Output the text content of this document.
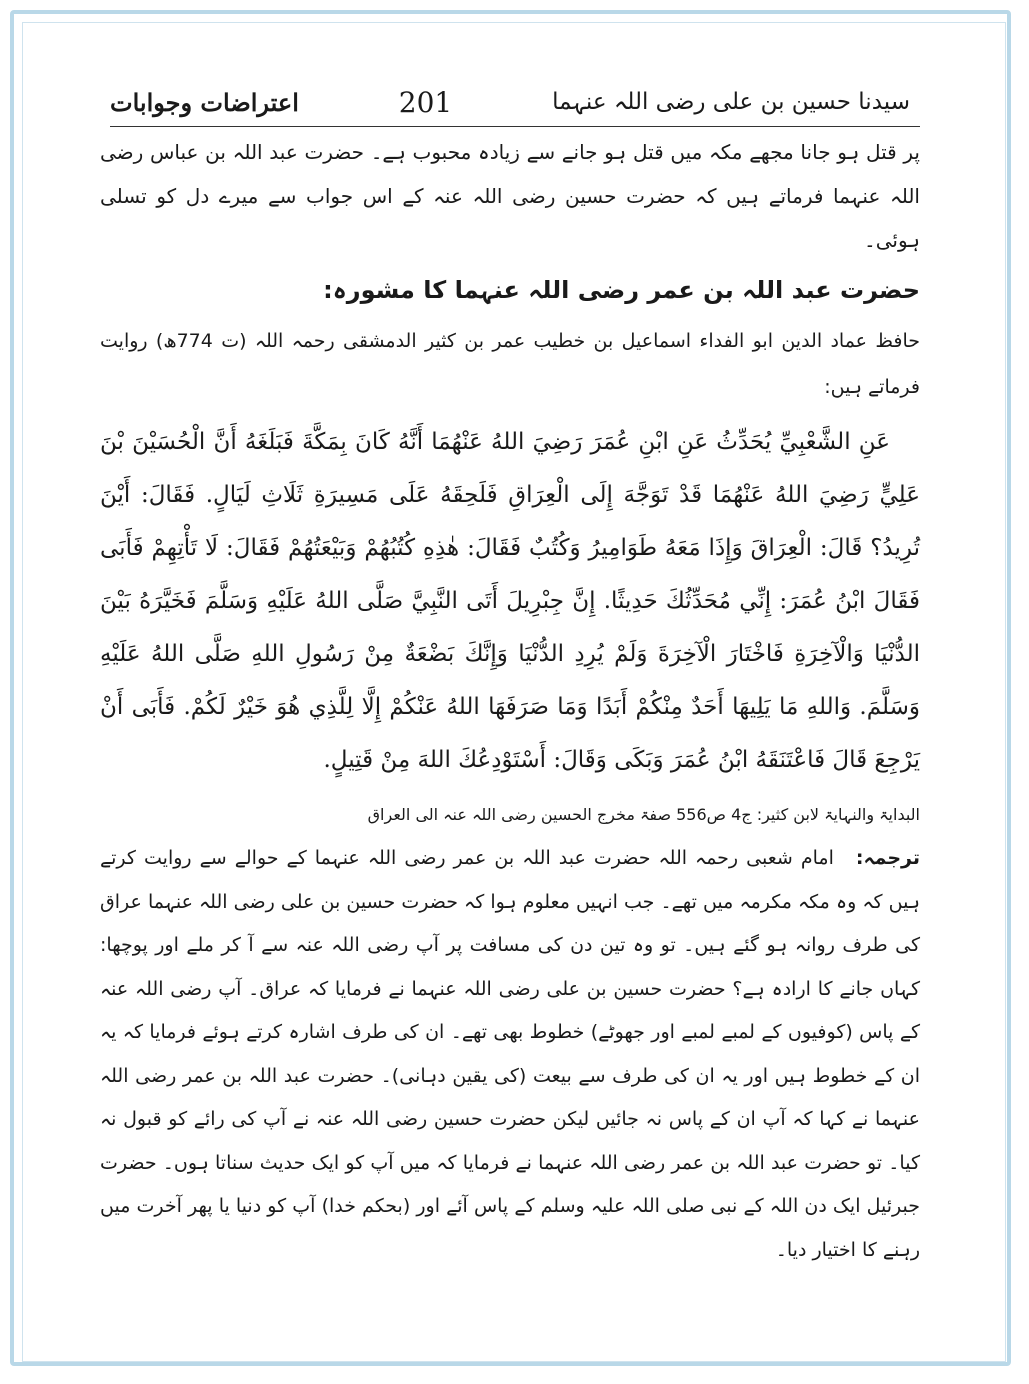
اعتراضات وجوابات	201	سیدنا حسین بن علی رضی اللہ عنہما

پر قتل ہو جانا مجھے مکہ میں قتل ہو جانے سے زیادہ محبوب ہے۔ حضرت عبد اللہ بن عباس رضی اللہ عنہما فرماتے ہیں کہ حضرت حسین رضی اللہ عنہ کے اس جواب سے میرے دل کو تسلی ہوئی۔

حضرت عبد اللہ بن عمر رضی اللہ عنہما کا مشورہ:

حافظ عماد الدین ابو الفداء اسماعیل بن خطیب عمر بن کثیر الدمشقی رحمہ اللہ (ت 774ھ) روایت فرماتے ہیں:

عَنِ الشَّعْبِيِّ يُحَدِّثُ عَنِ ابْنِ عُمَرَ رَضِيَ اللهُ عَنْهُمَا أَنَّهُ كَانَ بِمَكَّةَ فَبَلَغَهُ أَنَّ الْحُسَيْنَ بْنَ عَلِيٍّ رَضِيَ اللهُ عَنْهُمَا قَدْ تَوَجَّهَ إِلَى الْعِرَاقِ فَلَحِقَهُ عَلَى مَسِيرَةِ ثَلَاثِ لَيَالٍ. فَقَالَ: أَيْنَ تُرِيدُ؟ قَالَ: الْعِرَاقَ وَإِذَا مَعَهُ طَوَامِيرُ وَكُتُبٌ فَقَالَ: هٰذِهِ كُتُبُهُمْ وَبَيْعَتُهُمْ فَقَالَ: لَا تَأْتِهِمْ فَأَبَى فَقَالَ ابْنُ عُمَرَ: إِنِّي مُحَدِّثُكَ حَدِيثًا. إِنَّ جِبْرِيلَ أَتَى النَّبِيَّ صَلَّى اللهُ عَلَيْهِ وَسَلَّمَ فَخَيَّرَهُ بَيْنَ الدُّنْيَا وَالْآخِرَةِ فَاخْتَارَ الْآخِرَةَ وَلَمْ يُرِدِ الدُّنْيَا وَإِنَّكَ بَضْعَةٌ مِنْ رَسُولِ اللهِ صَلَّى اللهُ عَلَيْهِ وَسَلَّمَ. وَاللهِ مَا يَلِيهَا أَحَدٌ مِنْكُمْ أَبَدًا وَمَا صَرَفَهَا اللهُ عَنْكُمْ إِلَّا لِلَّذِي هُوَ خَيْرٌ لَكُمْ. فَأَبَى أَنْ يَرْجِعَ قَالَ فَاعْتَنَقَهُ ابْنُ عُمَرَ وَبَكَى وَقَالَ: أَسْتَوْدِعُكَ اللهَ مِنْ قَتِيلٍ.

البدایۃ والنہایۃ لابن کثیر: ج4 ص556 صفۃ مخرج الحسین رضی اللہ عنہ الی العراق

ترجمہ:امام شعبی رحمہ اللہ حضرت عبد اللہ بن عمر رضی اللہ عنہما کے حوالے سے روایت کرتے ہیں کہ وہ مکہ مکرمہ میں تھے۔ جب انہیں معلوم ہوا کہ حضرت حسین بن علی رضی اللہ عنہما عراق کی طرف روانہ ہو گئے ہیں۔ تو وہ تین دن کی مسافت پر آپ رضی اللہ عنہ سے آ کر ملے اور پوچھا: کہاں جانے کا ارادہ ہے؟ حضرت حسین بن علی رضی اللہ عنہما نے فرمایا کہ عراق۔ آپ رضی اللہ عنہ کے پاس (کوفیوں کے لمبے لمبے اور جھوٹے) خطوط بھی تھے۔ ان کی طرف اشارہ کرتے ہوئے فرمایا کہ یہ ان کے خطوط ہیں اور یہ ان کی طرف سے بیعت (کی یقین دہانی)۔ حضرت عبد اللہ بن عمر رضی اللہ عنہما نے کہا کہ آپ ان کے پاس نہ جائیں لیکن حضرت حسین رضی اللہ عنہ نے آپ کی رائے کو قبول نہ کیا۔ تو حضرت عبد اللہ بن عمر رضی اللہ عنہما نے فرمایا کہ میں آپ کو ایک حدیث سناتا ہوں۔ حضرت جبرئیل ایک دن اللہ کے نبی صلی اللہ علیہ وسلم کے پاس آئے اور (بحکم خدا) آپ کو دنیا یا پھر آخرت میں رہنے کا اختیار دیا۔
